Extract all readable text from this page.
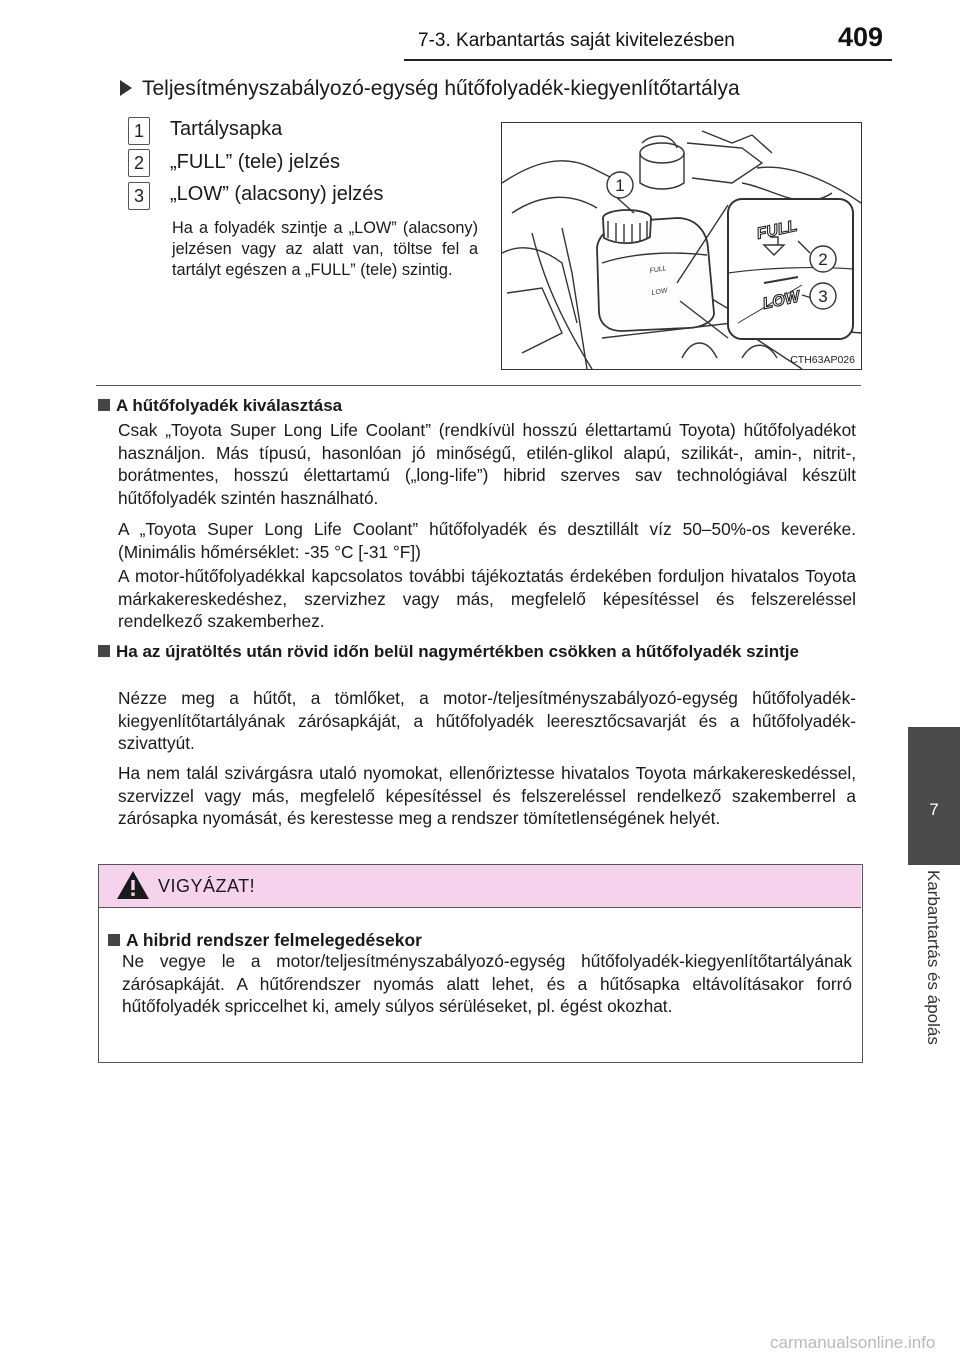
7-3. Karbantartás saját kivitelezésben	409
7
Karbantartás és ápolás
Teljesítményszabályozó-egység hűtőfolyadék-kiegyenlítőtartálya
1	Tartálysapka
2	„FULL” (tele) jelzés
3	„LOW” (alacsony) jelzés
Ha a folyadék szintje a „LOW” (alacsony) jelzésen vagy az alatt van, töltse fel a tartályt egészen a „FULL” (tele) szintig.
FULL
LOW
FULL
LOW
1
2
3
CTH63AP026
A hűtőfolyadék kiválasztása
Csak „Toyota Super Long Life Coolant” (rendkívül hosszú élettartamú Toyota) hűtőfolyadékot használjon. Más típusú, hasonlóan jó minőségű, etilén-glikol alapú, szilikát-, amin-, nitrit-, borátmentes, hosszú élettartamú („long-life”) hibrid szerves sav technológiával készült hűtőfolyadék szintén használható.
A „Toyota Super Long Life Coolant” hűtőfolyadék és desztillált víz 50–50%-os keveréke. (Minimális hőmérséklet: -35 °C [-31 °F])
A motor-hűtőfolyadékkal kapcsolatos további tájékoztatás érdekében forduljon hivatalos Toyota márkakereskedéshez, szervizhez vagy más, megfelelő képesítéssel és felszereléssel rendelkező szakemberhez.
Ha az újratöltés után rövid időn belül nagymértékben csökken a hűtőfolyadék szintje
Nézze meg a hűtőt, a tömlőket, a motor-/teljesítményszabályozó-egység hűtőfolyadék-kiegyenlítőtartályának zárósapkáját, a hűtőfolyadék leeresztőcsavarját és a hűtőfolyadék-szivattyút.
Ha nem talál szivárgásra utaló nyomokat, ellenőriztesse hivatalos Toyota márkakereskedéssel, szervizzel vagy más, megfelelő képesítéssel és felszereléssel rendelkező szakemberrel a zárósapka nyomását, és kerestesse meg a rendszer tömítetlenségének helyét.
VIGYÁZAT!
A hibrid rendszer felmelegedésekor
Ne vegye le a motor/teljesítményszabályozó-egység hűtőfolyadék-kiegyenlítőtartályának zárósapkáját. A hűtőrendszer nyomás alatt lehet, és a hűtősapka eltávolításakor forró hűtőfolyadék spriccelhet ki, amely súlyos sérüléseket, pl. égést okozhat.
carmanualsonline.info
